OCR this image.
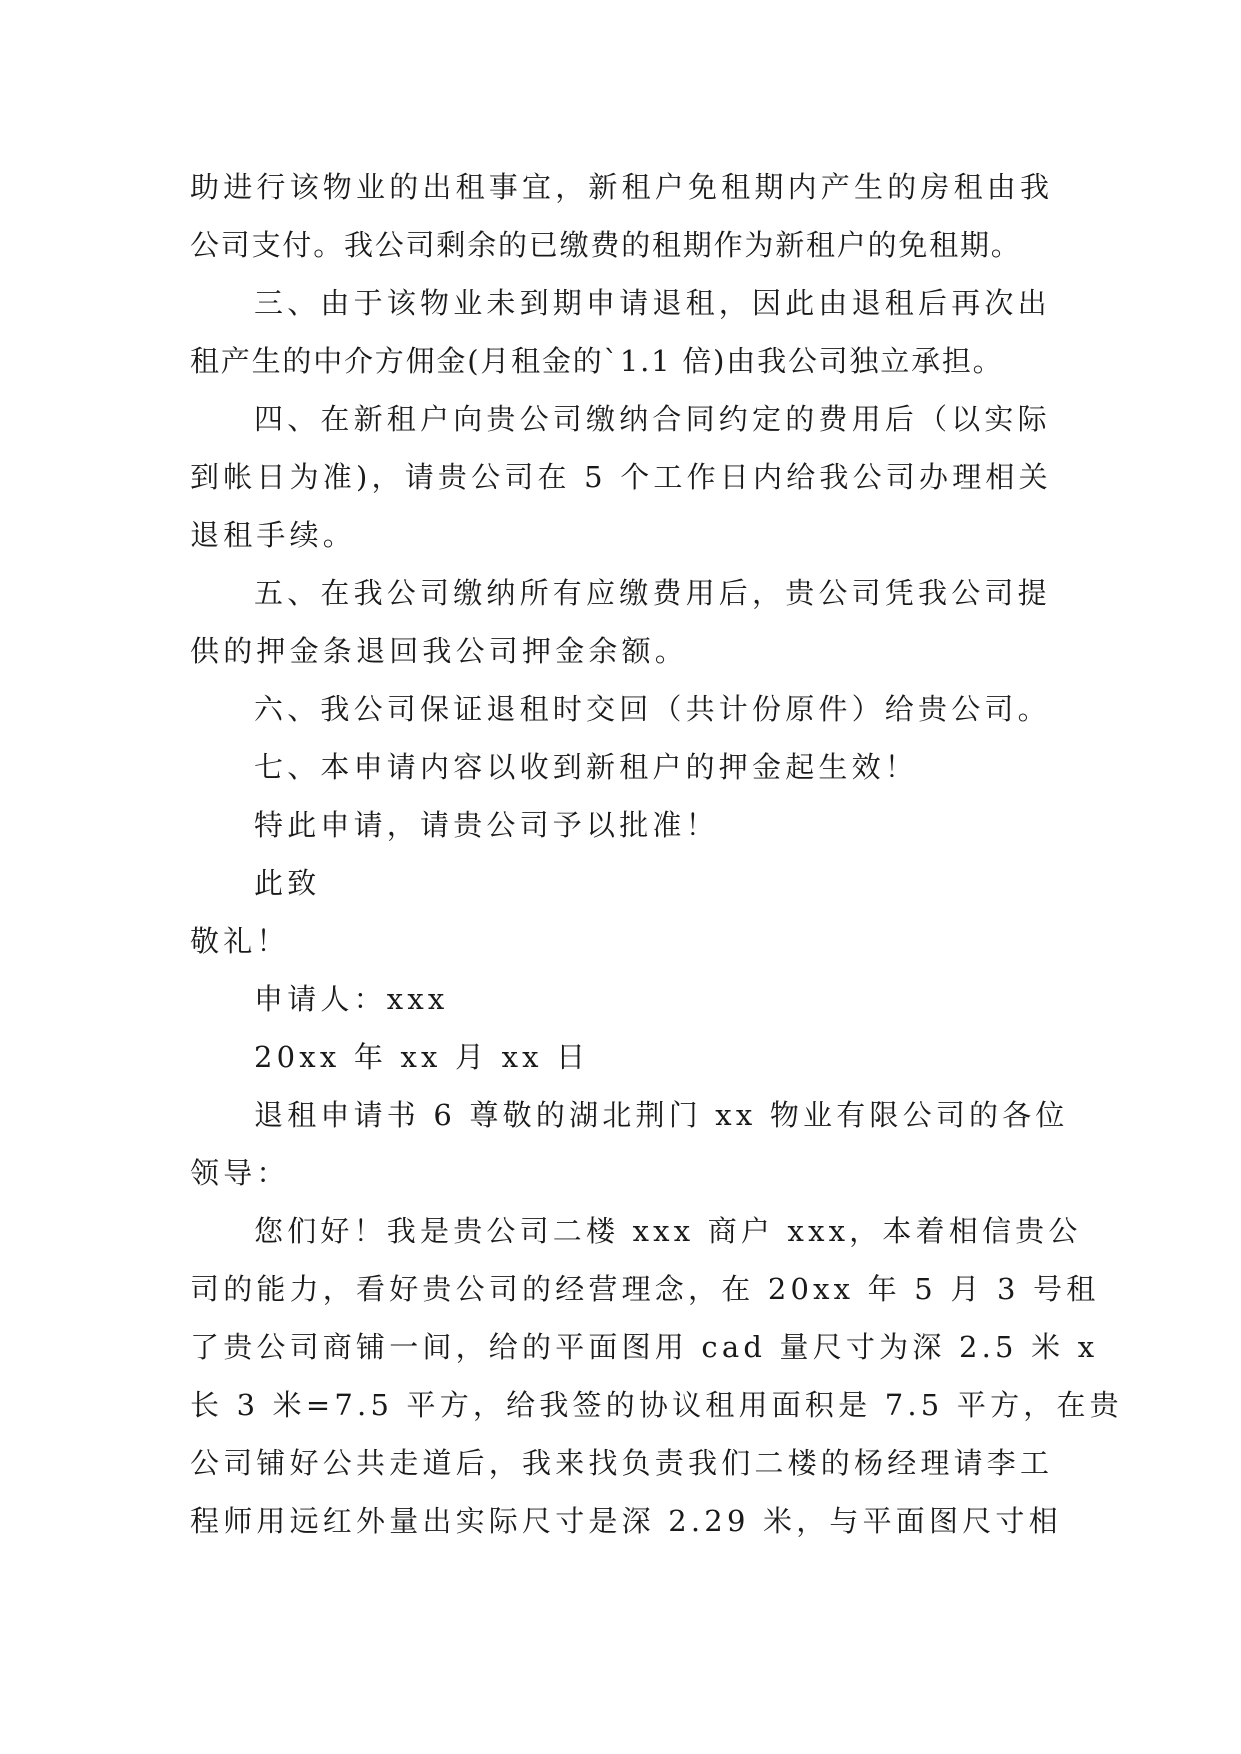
助进行该物业的出租事宜，新租户免租期内产生的房租由我
公司支付。我公司剩余的已缴费的租期作为新租户的免租期。
三、由于该物业未到期申请退租，因此由退租后再次出
租产生的中介方佣金(月租金的`1.1 倍)由我公司独立承担。
四、在新租户向贵公司缴纳合同约定的费用后（以实际
到帐日为准)，请贵公司在 5 个工作日内给我公司办理相关
退租手续。
五、在我公司缴纳所有应缴费用后，贵公司凭我公司提
供的押金条退回我公司押金余额。
六、我公司保证退租时交回（共计份原件）给贵公司。
七、本申请内容以收到新租户的押金起生效！
特此申请，请贵公司予以批准！
此致
敬礼！
申请人：xxx
20xx 年 xx 月 xx 日
退租申请书 6 尊敬的湖北荆门 xx 物业有限公司的各位
领导：
您们好！我是贵公司二楼 xxx 商户 xxx，本着相信贵公
司的能力，看好贵公司的经营理念，在 20xx 年 5 月 3 号租
了贵公司商铺一间，给的平面图用 cad 量尺寸为深 2.5 米 x
长 3 米=7.5 平方，给我签的协议租用面积是 7.5 平方，在贵
公司铺好公共走道后，我来找负责我们二楼的杨经理请李工
程师用远红外量出实际尺寸是深 2.29 米，与平面图尺寸相
